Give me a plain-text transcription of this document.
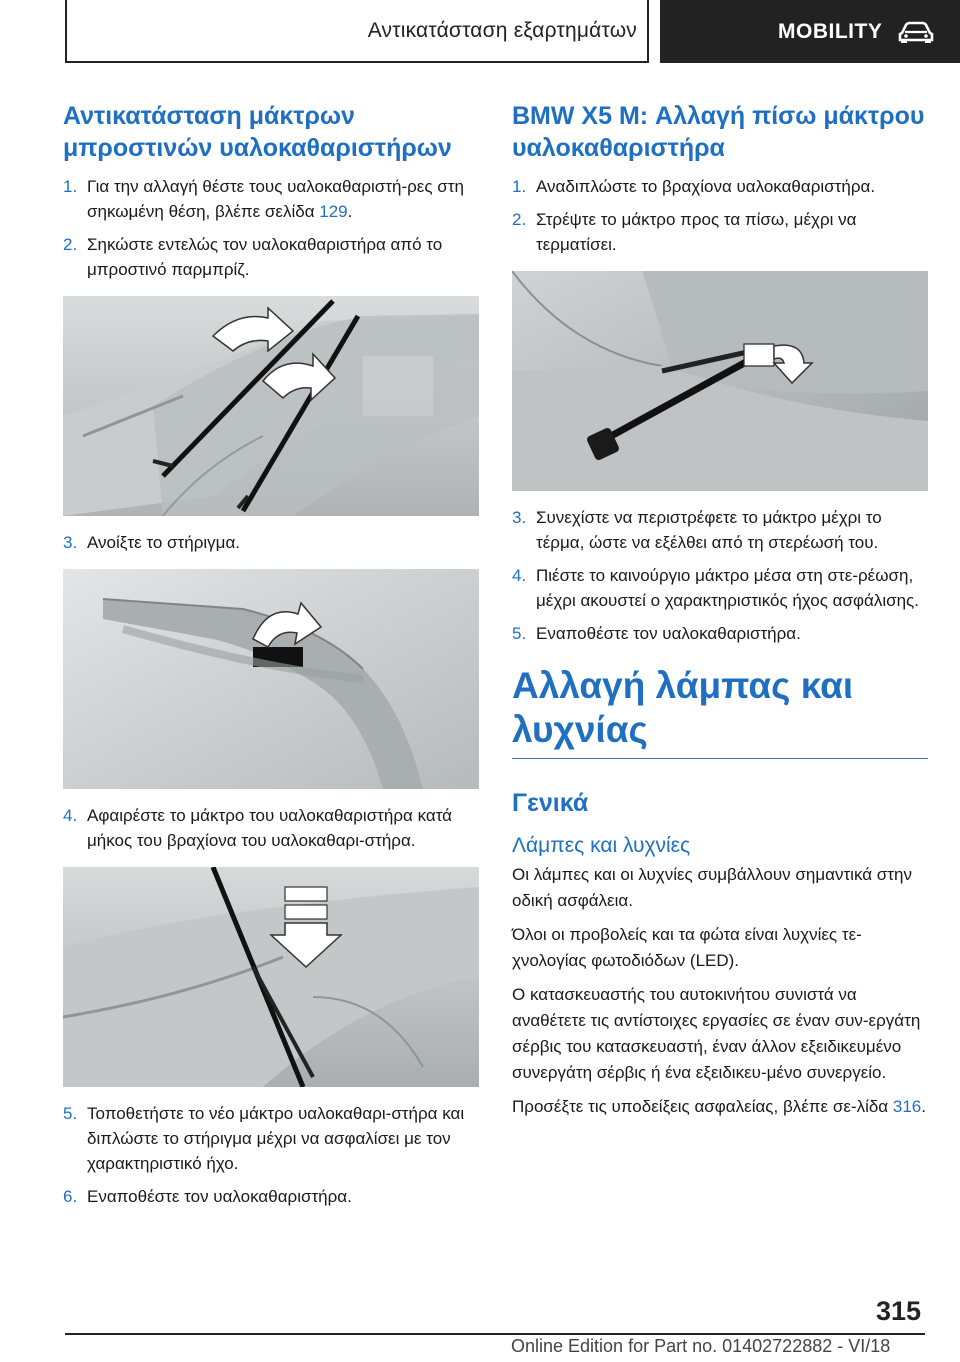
Αντικατάσταση εξαρτημάτων	MOBILITY
Αντικατάσταση μάκτρων μπροστινών υαλοκαθαριστήρων
1. Για την αλλαγή θέστε τους υαλοκαθαριστή-ρες στη σηκωμένη θέση, βλέπε σελίδα 129.
2. Σηκώστε εντελώς τον υαλοκαθαριστήρα από το μπροστινό παρμπρίζ.
3. Ανοίξτε το στήριγμα.
4. Αφαιρέστε το μάκτρο του υαλοκαθαριστήρα κατά μήκος του βραχίονα του υαλοκαθαρι-στήρα.
5. Τοποθετήστε το νέο μάκτρο υαλοκαθαρι-στήρα και διπλώστε το στήριγμα μέχρι να ασφαλίσει με τον χαρακτηριστικό ήχο.
6. Εναποθέστε τον υαλοκαθαριστήρα.
BMW X5 M: Αλλαγή πίσω μάκτρου υαλοκαθαριστήρα
1. Αναδιπλώστε το βραχίονα υαλοκαθαριστήρα.
2. Στρέψτε το μάκτρο προς τα πίσω, μέχρι να τερματίσει.
3. Συνεχίστε να περιστρέφετε το μάκτρο μέχρι το τέρμα, ώστε να εξέλθει από τη στερέωσή του.
4. Πιέστε το καινούργιο μάκτρο μέσα στη στε-ρέωση, μέχρι ακουστεί ο χαρακτηριστικός ήχος ασφάλισης.
5. Εναποθέστε τον υαλοκαθαριστήρα.
Αλλαγή λάμπας και λυχνίας
Γενικά
Λάμπες και λυχνίες

Οι λάμπες και οι λυχνίες συμβάλλουν σημαντικά στην οδική ασφάλεια.

Όλοι οι προβολείς και τα φώτα είναι λυχνίες τε-χνολογίας φωτοδιόδων (LED).

Ο κατασκευαστής του αυτοκινήτου συνιστά να αναθέτετε τις αντίστοιχες εργασίες σε έναν συν-εργάτη σέρβις του κατασκευαστή, έναν άλλον εξειδικευμένο συνεργάτη σέρβις ή ένα εξειδικευ-μένο συνεργείο.

Προσέξτε τις υποδείξεις ασφαλείας, βλέπε σε-λίδα 316.

315
Online Edition for Part no. 01402722882 - VI/18
